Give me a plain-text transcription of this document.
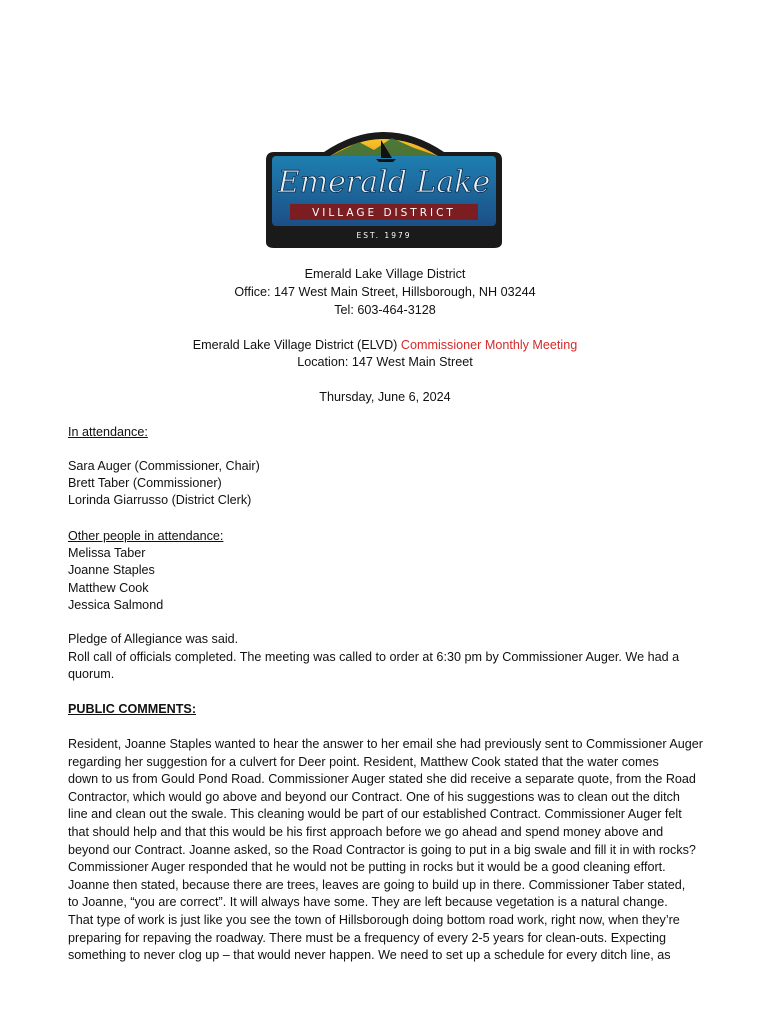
Emerald Lake
VILLAGE DISTRICT
EST. 1979
Emerald Lake Village District
Office: 147 West Main Street, Hillsborough, NH 03244
Tel: 603-464-3128
Emerald Lake Village District (ELVD) Commissioner Monthly Meeting
Location: 147 West Main Street
Thursday, June 6, 2024
In attendance:
Sara Auger (Commissioner, Chair)
Brett Taber (Commissioner)
Lorinda Giarrusso (District Clerk)
Other people in attendance:
Melissa Taber
Joanne Staples
Matthew Cook
Jessica Salmond
Pledge of Allegiance was said.
Roll call of officials completed. The meeting was called to order at 6:30 pm by Commissioner Auger. We had a
quorum.
PUBLIC COMMENTS:
Resident, Joanne Staples wanted to hear the answer to her email she had previously sent to Commissioner Auger
regarding her suggestion for a culvert for Deer point. Resident, Matthew Cook stated that the water comes
down to us from Gould Pond Road. Commissioner Auger stated she did receive a separate quote, from the Road
Contractor, which would go above and beyond our Contract. One of his suggestions was to clean out the ditch
line and clean out the swale. This cleaning would be part of our established Contract. Commissioner Auger felt
that should help and that this would be his first approach before we go ahead and spend money above and
beyond our Contract. Joanne asked, so the Road Contractor is going to put in a big swale and fill it in with rocks?
Commissioner Auger responded that he would not be putting in rocks but it would be a good cleaning effort.
Joanne then stated, because there are trees, leaves are going to build up in there. Commissioner Taber stated,
to Joanne, “you are correct”. It will always have some. They are left because vegetation is a natural change.
That type of work is just like you see the town of Hillsborough doing bottom road work, right now, when they’re
preparing for repaving the roadway. There must be a frequency of every 2-5 years for clean-outs. Expecting
something to never clog up – that would never happen. We need to set up a schedule for every ditch line, as
